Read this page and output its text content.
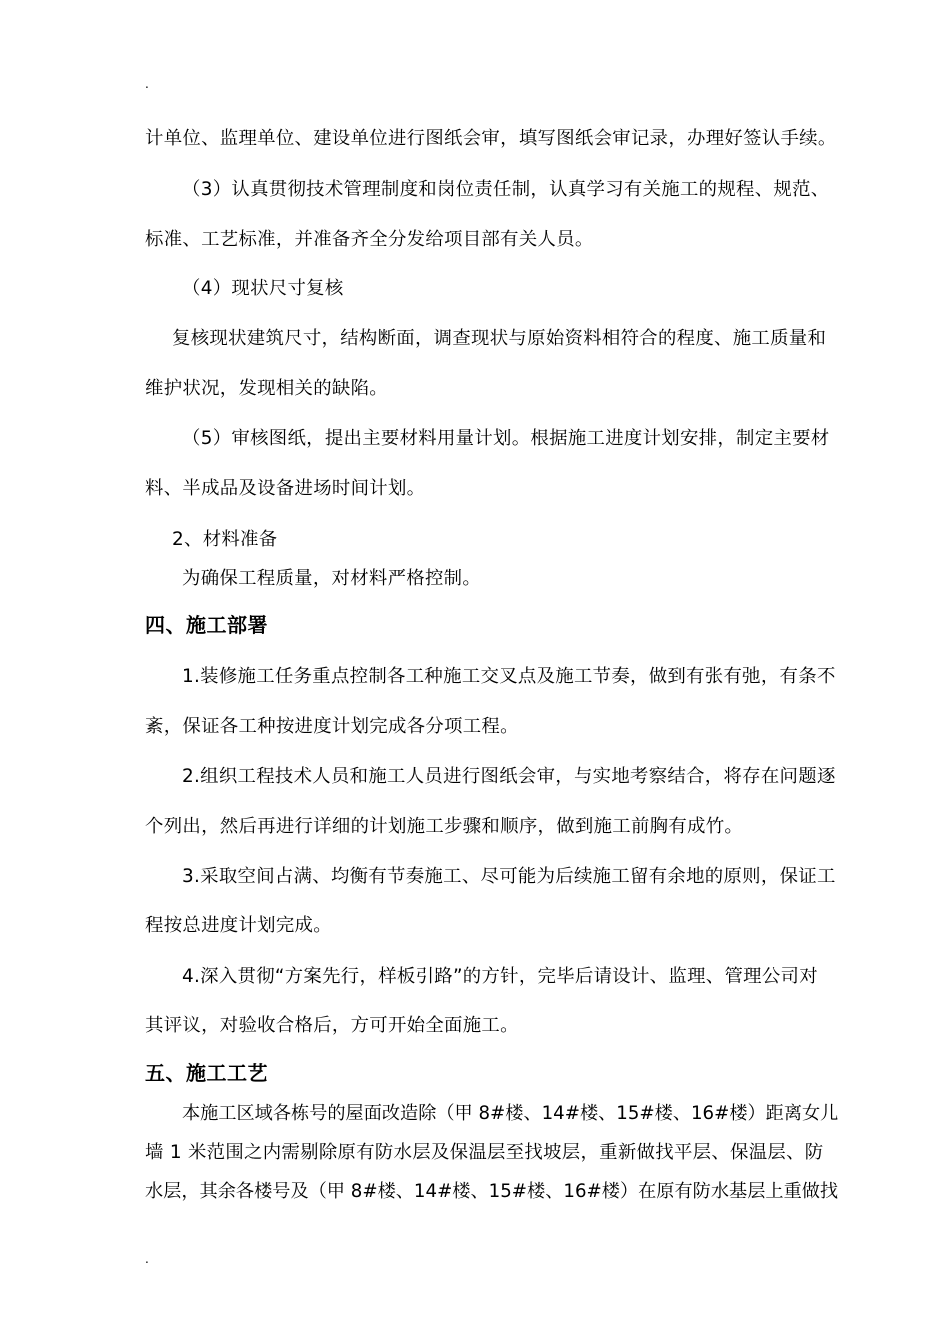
.
计单位、监理单位、建设单位进行图纸会审，填写图纸会审记录，办理好签认手续。
（3）认真贯彻技术管理制度和岗位责任制，认真学习有关施工的规程、规范、
标准、工艺标准，并准备齐全分发给项目部有关人员。
（4）现状尺寸复核
复核现状建筑尺寸，结构断面，调查现状与原始资料相符合的程度、施工质量和
维护状况，发现相关的缺陷。
（5）审核图纸，提出主要材料用量计划。根据施工进度计划安排，制定主要材
料、半成品及设备进场时间计划。
2、材料准备
为确保工程质量，对材料严格控制。
四、施工部署
1.装修施工任务重点控制各工种施工交叉点及施工节奏，做到有张有弛，有条不
紊，保证各工种按进度计划完成各分项工程。
2.组织工程技术人员和施工人员进行图纸会审，与实地考察结合，将存在问题逐
个列出，然后再进行详细的计划施工步骤和顺序，做到施工前胸有成竹。
3.采取空间占满、均衡有节奏施工、尽可能为后续施工留有余地的原则，保证工
程按总进度计划完成。
4.深入贯彻“方案先行，样板引路”的方针，完毕后请设计、监理、管理公司对
其评议，对验收合格后，方可开始全面施工。
五、施工工艺
本施工区域各栋号的屋面改造除（甲 8#楼、14#楼、15#楼、16#楼）距离女儿
墙 1 米范围之内需剔除原有防水层及保温层至找坡层，重新做找平层、保温层、防
水层，其余各楼号及（甲 8#楼、14#楼、15#楼、16#楼）在原有防水基层上重做找
.
